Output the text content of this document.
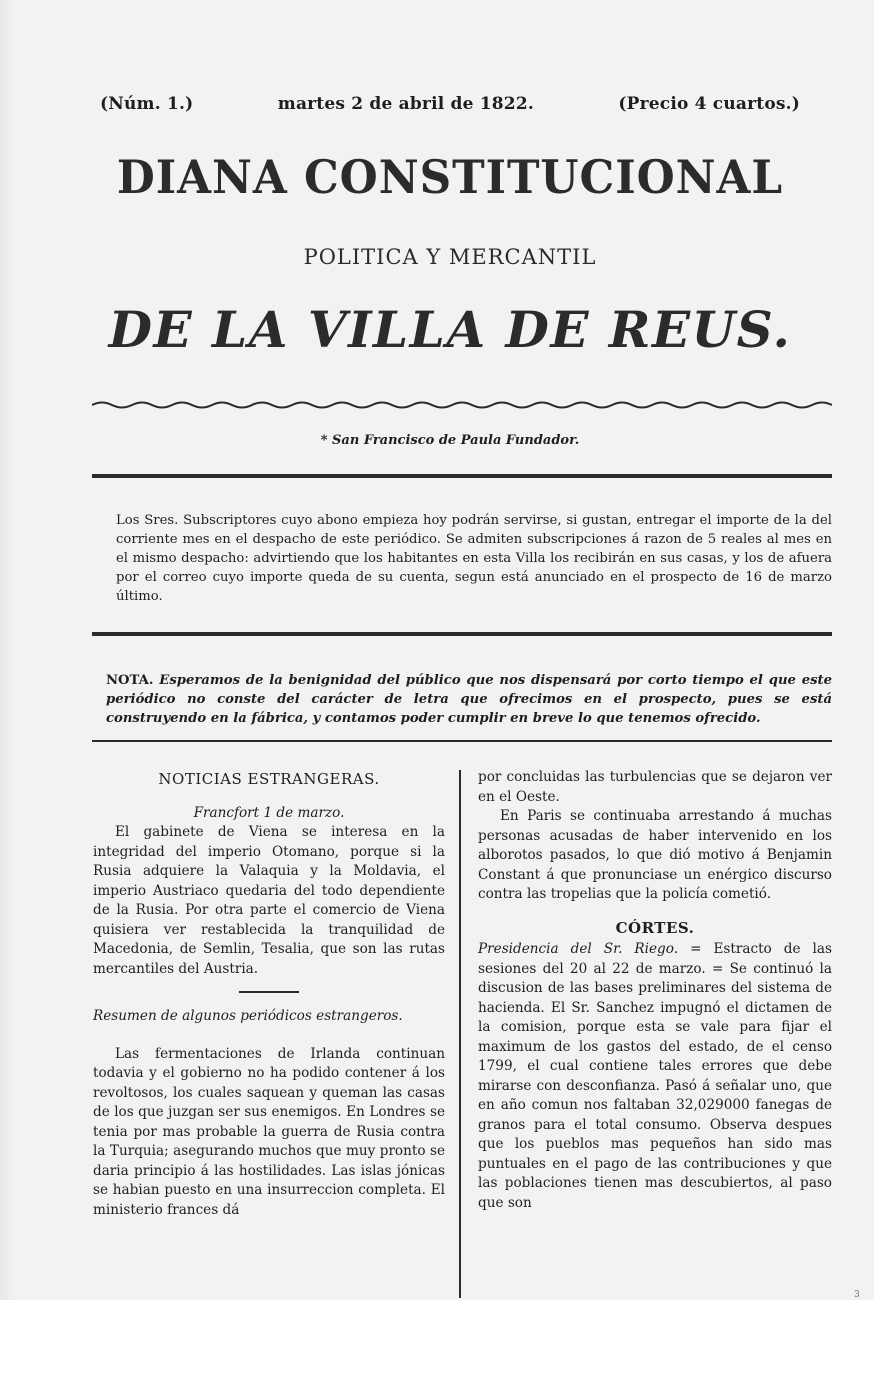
(Núm. 1.)	martes 2 de abril de 1822.	(Precio 4 cuartos.)
DIANA CONSTITUCIONAL
POLITICA Y MERCANTIL
DE LA VILLA DE REUS.
* San Francisco de Paula Fundador.

Los Sres. Subscriptores cuyo abono empieza hoy podrán servirse, si gustan, entregar el importe de la del corriente mes en el despacho de este periódico. Se admiten subscripciones á razon de 5 reales al mes en el mismo despacho: advirtiendo que los habitantes en esta Villa los recibirán en sus casas, y los de afuera por el correo cuyo importe queda de su cuenta, segun está anunciado en el prospecto de 16 de marzo último.

NOTA. Esperamos de la benignidad del público que nos dispensará por corto tiempo el que este periódico no conste del carácter de letra que ofrecimos en el prospecto, pues se está construyendo en la fábrica, y contamos poder cumplir en breve lo que tenemos ofrecido.

NOTICIAS ESTRANGERAS.

Francfort 1 de marzo.

El gabinete de Viena se interesa en la integridad del imperio Otomano, porque si la Rusia adquiere la Valaquia y la Moldavia, el imperio Austriaco quedaria del todo dependiente de la Rusia. Por otra parte el comercio de Viena quisiera ver restablecida la tranquilidad de Macedonia, de Semlin, Tesalia, que son las rutas mercantiles del Austria.

Resumen de algunos periódicos estrangeros.

Las fermentaciones de Irlanda continuan todavia y el gobierno no ha podido contener á los revoltosos, los cuales saquean y queman las casas de los que juzgan ser sus enemigos. En Londres se tenia por mas probable la guerra de Rusia contra la Turquia; asegurando muchos que muy pronto se daria principio á las hostilidades. Las islas jónicas se habian puesto en una insurreccion completa. El ministerio frances dá

por concluidas las turbulencias que se dejaron ver en el Oeste.

En Paris se continuaba arrestando á muchas personas acusadas de haber intervenido en los alborotos pasados, lo que dió motivo á Benjamin Constant á que pronunciase un enérgico discurso contra las tropelias que la policía cometió.

CÓRTES.

Presidencia del Sr. Riego. = Estracto de las sesiones del 20 al 22 de marzo. = Se continuó la discusion de las bases preliminares del sistema de hacienda. El Sr. Sanchez impugnó el dictamen de la comision, porque esta se vale para fijar el maximum de los gastos del estado, de el censo 1799, el cual contiene tales errores que debe mirarse con desconfianza. Pasó á señalar uno, que en año comun nos faltaban 32,029000 fanegas de granos para el total consumo. Observa despues que los pueblos mas pequeños han sido mas puntuales en el pago de las contribuciones y que las poblaciones tienen mas descubiertos, al paso que son

3
